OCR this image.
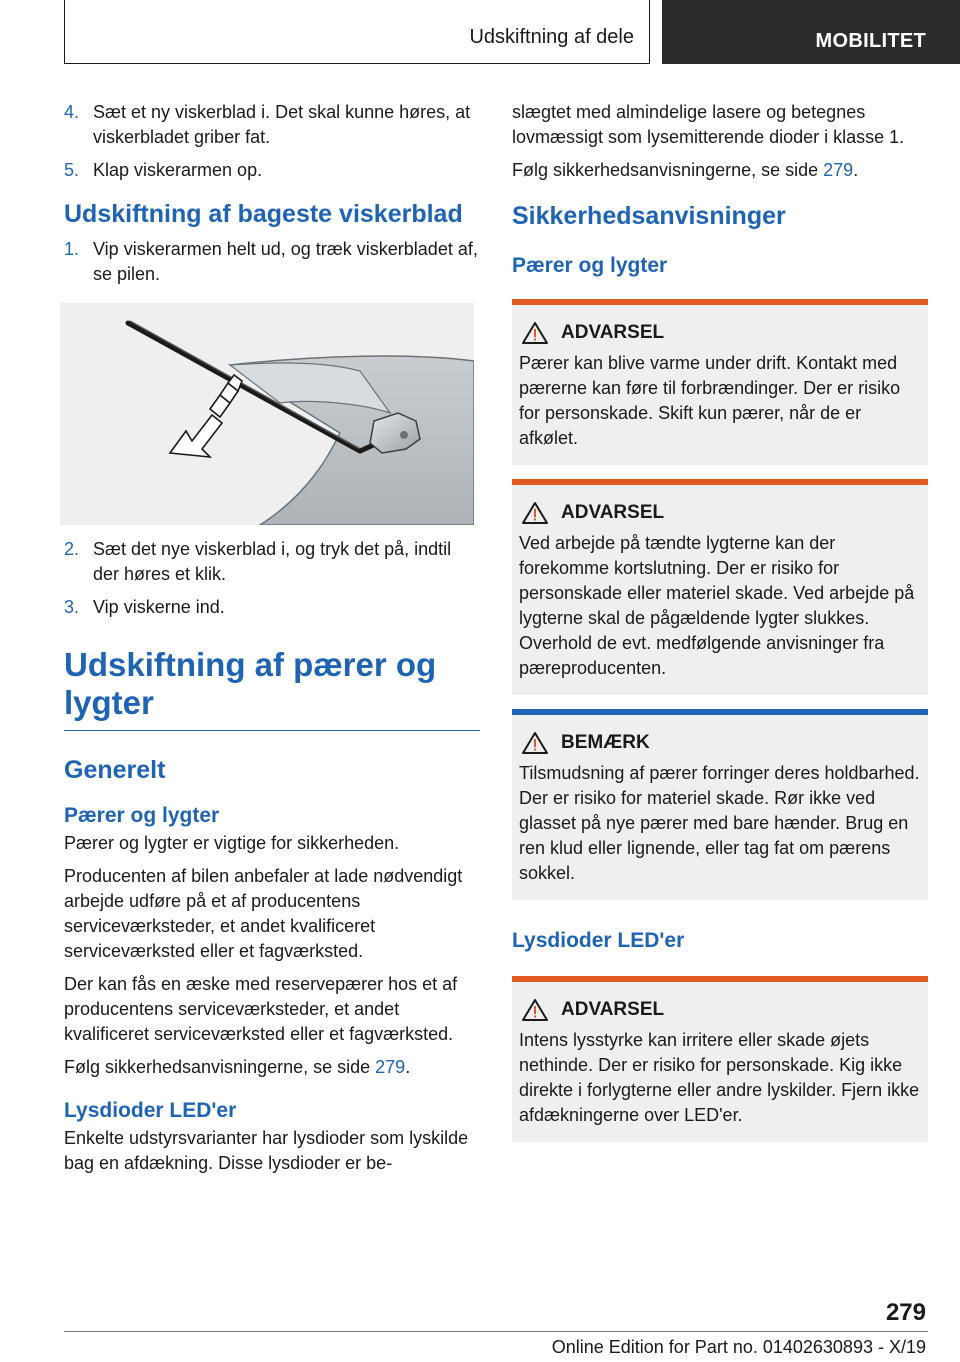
Udskiftning af dele	MOBILITET
4. Sæt et ny viskerblad i. Det skal kunne høres, at viskerbladet griber fat.
5. Klap viskerarmen op.
Udskiftning af bageste viskerblad
1. Vip viskerarmen helt ud, og træk viskerbladet af, se pilen.
2. Sæt det nye viskerblad i, og tryk det på, indtil der høres et klik.
3. Vip viskerne ind.
Udskiftning af pærer og lygter
Generelt
Pærer og lygter

Pærer og lygter er vigtige for sikkerheden.

Producenten af bilen anbefaler at lade nødvendigt arbejde udføre på et af producentens serviceværksteder, et andet kvalificeret serviceværksted eller et fagværksted.

Der kan fås en æske med reservepærer hos et af producentens serviceværksteder, et andet kvalificeret serviceværksted eller et fagværksted.

Følg sikkerhedsanvisningerne, se side 279.

Lysdioder LED'er

Enkelte udstyrsvarianter har lysdioder som lyskilde bag en afdækning. Disse lysdioder er be-

slægtet med almindelige lasere og betegnes lovmæssigt som lysemitterende dioder i klasse 1.

Følg sikkerhedsanvisningerne, se side 279.

Sikkerhedsanvisninger
Pærer og lygter
ADVARSEL
Pærer kan blive varme under drift. Kontakt med pærerne kan føre til forbrændinger. Der er risiko for personskade. Skift kun pærer, når de er afkølet.
ADVARSEL
Ved arbejde på tændte lygterne kan der forekomme kortslutning. Der er risiko for personskade eller materiel skade. Ved arbejde på lygterne skal de pågældende lygter slukkes. Overhold de evt. medfølgende anvisninger fra pæreproducenten.
BEMÆRK
Tilsmudsning af pærer forringer deres holdbarhed. Der er risiko for materiel skade. Rør ikke ved glasset på nye pærer med bare hænder. Brug en ren klud eller lignende, eller tag fat om pærens sokkel.
Lysdioder LED'er
ADVARSEL
Intens lysstyrke kan irritere eller skade øjets nethinde. Der er risiko for personskade. Kig ikke direkte i forlygterne eller andre lyskilder. Fjern ikke afdækningerne over LED'er.
279
Online Edition for Part no. 01402630893 - X/19
